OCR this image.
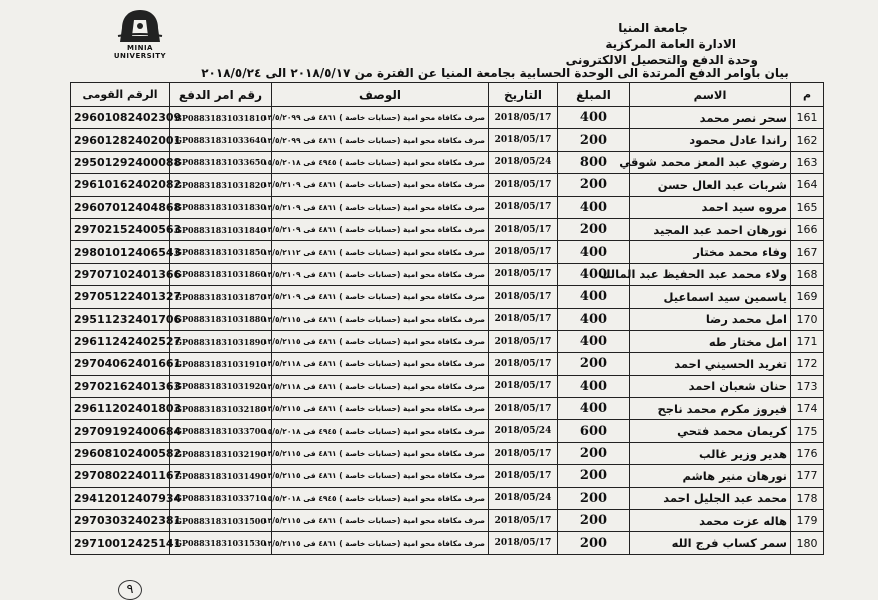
MINIA UNIVERSITY
جامعة المنيا
الادارة العامة المركزية
وحدة الدفع والتحصيل الالكترونى
بيان باوامر الدفع المرتدة الى الوحدة الحسابية بجامعة المنيا عن الفترة من ٢٠١٨/٥/١٧ الى ٢٠١٨/٥/٢٤
الرقم القومى	رقم امر الدفع	الوصف	التاريخ	المبلغ	الاسم	م
29601082402309	GP08831831031810	صرف مكافاة محو امية (حسابات خاصة ) ٤٨٦١ فى ١٣/٥/٢٠٩٩	2018/05/17	400	سحر نصر محمد	161
29601282402001	GP08831831033640	صرف مكافاة محو امية (حسابات خاصة ) ٤٨٦١ فى ١٣/٥/٢٠٩٩	2018/05/17	200	راندا عادل محمود	162
29501292400088	GP08831831033650	صرف مكافاة محو امية (حسابات خاصة ) ٤٩٤٥ فى ١٥/٥/٢٠١٨	2018/05/24	800	رضوي عبد المعز محمد شوقي	163
29610162402082	GP08831831031820	صرف مكافاة محو امية (حسابات خاصة ) ٤٨٦١ فى ١٣/٥/٢١٠٩	2018/05/17	200	شربات عبد العال حسن	164
29607012404868	GP08831831031830	صرف مكافاة محو امية (حسابات خاصة ) ٤٨٦١ فى ١٣/٥/٢١٠٩	2018/05/17	400	مروه سيد احمد	165
29702152400563	GP08831831031840	صرف مكافاة محو امية (حسابات خاصة ) ٤٨٦١ فى ١٣/٥/٢١٠٩	2018/05/17	200	نورهان احمد عبد المجيد	166
29801012406543	GP08831831031850	صرف مكافاة محو امية (حسابات خاصة ) ٤٨٦١ فى ١٣/٥/٢١١٢	2018/05/17	400	وفاء محمد مختار	167
29707102401366	GP08831831031860	صرف مكافاة محو امية (حسابات خاصة ) ٤٨٦١ فى ١٣/٥/٢١٠٩	2018/05/17	400	ولاء محمد عبد الحفيظ عبد المالك	168
29705122401327	GP08831831031870	صرف مكافاة محو امية (حسابات خاصة ) ٤٨٦١ فى ١٣/٥/٢١٠٩	2018/05/17	400	ياسمين سيد اسماعيل	169
29511232401706	GP08831831031880	صرف مكافاة محو امية (حسابات خاصة ) ٤٨٦١ فى ١٣/٥/٢١١٥	2018/05/17	400	امل محمد رضا	170
29611242402527	GP08831831031890	صرف مكافاة محو امية (حسابات خاصة ) ٤٨٦١ فى ١٣/٥/٢١١٥	2018/05/17	400	امل مختار طه	171
29704062401661	GP08831831031910	صرف مكافاة محو امية (حسابات خاصة ) ٤٨٦١ فى ١٣/٥/٢١١٨	2018/05/17	200	تغريد الحسيني احمد	172
29702162401363	GP08831831031920	صرف مكافاة محو امية (حسابات خاصة ) ٤٨٦١ فى ١٣/٥/٢١١٨	2018/05/17	400	حنان شعبان احمد	173
29611202401803	GP08831831032180	صرف مكافاة محو امية (حسابات خاصة ) ٤٨٦١ فى ١٣/٥/٢١١٥	2018/05/17	400	فيروز مكرم محمد ناجح	174
29709192400684	GP08831831033700	صرف مكافاة محو امية (حسابات خاصة ) ٤٩٤٥ فى ١٥/٥/٢٠١٨	2018/05/24	600	كريمان محمد فتحي	175
29608102400582	GP08831831032190	صرف مكافاة محو امية (حسابات خاصة ) ٤٨٦١ فى ١٣/٥/٢١١٥	2018/05/17	200	هدير وزير غالب	176
29708022401167	GP08831831031490	صرف مكافاة محو امية (حسابات خاصة ) ٤٨٦١ فى ١٣/٥/٢١١٥	2018/05/17	200	نورهان منير هاشم	177
29412012407934	GP08831831033710	صرف مكافاة محو امية (حسابات خاصة ) ٤٩٤٥ فى ١٥/٥/٢٠١٨	2018/05/24	200	محمد عبد الجليل احمد	178
29703032402381	GP08831831031500	صرف مكافاة محو امية (حسابات خاصة ) ٤٨٦١ فى ١٣/٥/٢١١٥	2018/05/17	200	هاله عزت محمد	179
29710012425141	GP08831831031530	صرف مكافاة محو امية (حسابات خاصة ) ٤٨٦١ فى ١٣/٥/٢١١٥	2018/05/17	200	سمر كساب فرج الله	180
٩
